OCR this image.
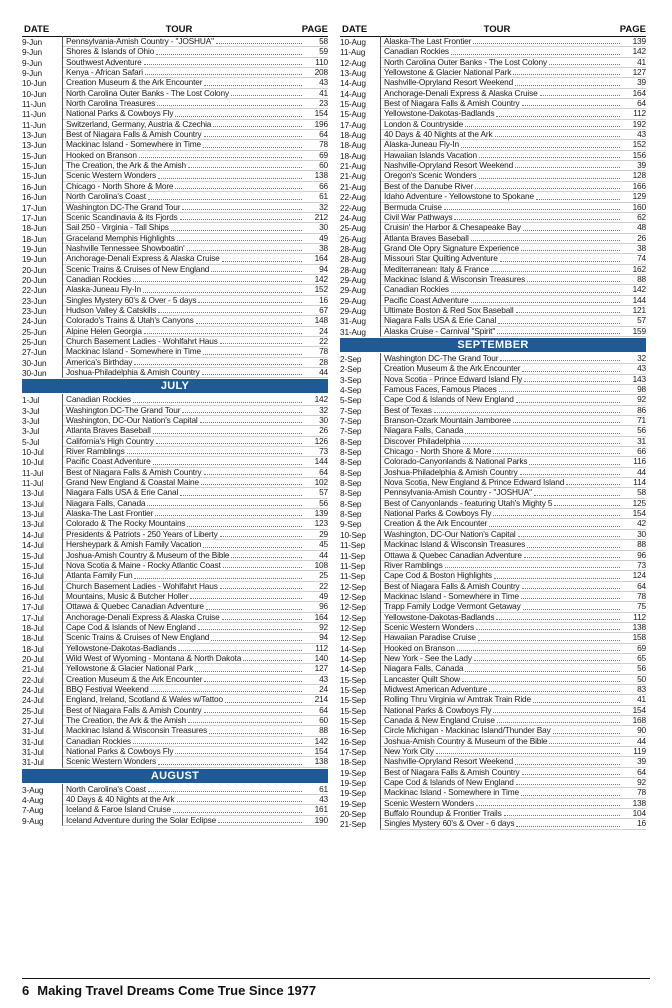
DATE	TOUR	PAGE
9-Jun	Pennsylvania-Amish Country - "JOSHUA"	58
9-Jun	Shores & Islands of Ohio	59
9-Jun	Southwest Adventure	110
9-Jun	Kenya - African Safari	208
10-Jun	Creation Museum & the Ark Encounter	43
10-Jun	North Carolina Outer Banks - The Lost Colony	41
11-Jun	North Carolina Treasures	23
11-Jun	National Parks & Cowboys Fly	154
11-Jun	Switzerland, Germany, Austria & Czechia	196
13-Jun	Best of Niagara Falls & Amish Country	64
13-Jun	Mackinac Island - Somewhere in Time	78
15-Jun	Hooked on Branson	69
15-Jun	The Creation, the Ark & the Amish	60
15-Jun	Scenic Western Wonders	138
16-Jun	Chicago - North Shore & More	66
16-Jun	North Carolina's Coast	61
17-Jun	Washington DC-The Grand Tour	32
17-Jun	Scenic Scandinavia & its Fjords	212
18-Jun	Sail 250 - Virginia - Tall Ships	30
18-Jun	Graceland Memphis Highlights	49
19-Jun	Nashville Tennessee Showboatin'	38
19-Jun	Anchorage-Denali Express & Alaska Cruise	164
20-Jun	Scenic Trains & Cruises of New England	94
20-Jun	Canadian Rockies	142
22-Jun	Alaska-Juneau Fly-In	152
23-Jun	Singles Mystery 60's & Over - 5 days	16
23-Jun	Hudson Valley & Catskills	67
24-Jun	Colorado's Trains & Utah's Canyons	148
25-Jun	Alpine Helen Georgia	24
25-Jun	Church Basement Ladies - Wohlfahrt Haus	22
27-Jun	Mackinac Island - Somewhere in Time	78
30-Jun	America's Birthday	28
30-Jun	Joshua-Philadelphia & Amish Country	44
JULY
1-Jul	Canadian Rockies	142
3-Jul	Washington DC-The Grand Tour	32
3-Jul	Washington, DC-Our Nation's Capital	30
3-Jul	Atlanta Braves Baseball	26
5-Jul	California's High Country	126
10-Jul	River Ramblings	73
10-Jul	Pacific Coast Adventure	144
11-Jul	Best of Niagara Falls & Amish Country	64
11-Jul	Grand New England & Coastal Maine	102
13-Jul	Niagara Falls USA & Erie Canal	57
13-Jul	Niagara Falls, Canada	56
13-Jul	Alaska-The Last Frontier	139
13-Jul	Colorado & The Rocky Mountains	123
14-Jul	Presidents & Patriots - 250 Years of Liberty	29
14-Jul	Hersheypark & Amish Family Vacation	45
15-Jul	Joshua-Amish Country & Museum of the Bible	44
15-Jul	Nova Scotia & Maine - Rocky Atlantic Coast	108
16-Jul	Atlanta Family Fun	25
16-Jul	Church Basement Ladies - Wohlfahrt Haus	22
16-Jul	Mountains, Music & Butcher Holler	49
17-Jul	Ottawa & Quebec Canadian Adventure	96
17-Jul	Anchorage-Denali Express & Alaska Cruise	164
18-Jul	Cape Cod & Islands of New England	92
18-Jul	Scenic Trains & Cruises of New England	94
18-Jul	Yellowstone-Dakotas-Badlands	112
20-Jul	Wild West of Wyoming - Montana & North Dakota	140
21-Jul	Yellowstone & Glacier National Park	127
22-Jul	Creation Museum & the Ark Encounter	43
24-Jul	BBQ Festival Weekend	24
24-Jul	England, Ireland, Scotland & Wales w/Tattoo	214
25-Jul	Best of Niagara Falls & Amish Country	64
27-Jul	The Creation, the Ark & the Amish	60
31-Jul	Mackinac Island & Wisconsin Treasures	88
31-Jul	Canadian Rockies	142
31-Jul	National Parks & Cowboys Fly	154
31-Jul	Scenic Western Wonders	138
AUGUST
3-Aug	North Carolina's Coast	61
4-Aug	40 Days & 40 Nights at the Ark	43
7-Aug	Iceland & Faroe Island Cruise	161
9-Aug	Iceland Adventure during the Solar Eclipse	190
DATE	TOUR	PAGE
10-Aug	Alaska-The Last Frontier	139
11-Aug	Canadian Rockies	142
12-Aug	North Carolina Outer Banks - The Lost Colony	41
13-Aug	Yellowstone & Glacier National Park	127
14-Aug	Nashville-Opryland Resort Weekend	39
14-Aug	Anchorage-Denali Express & Alaska Cruise	164
15-Aug	Best of Niagara Falls & Amish Country	64
15-Aug	Yellowstone-Dakotas-Badlands	112
17-Aug	London & Countryside	192
18-Aug	40 Days & 40 Nights at the Ark	43
18-Aug	Alaska-Juneau Fly-In	152
18-Aug	Hawaiian Islands Vacation	156
21-Aug	Nashville-Opryland Resort Weekend	39
21-Aug	Oregon's Scenic Wonders	128
21-Aug	Best of the Danube River	166
22-Aug	Idaho Adventure - Yellowstone to Spokane	129
22-Aug	Bermuda Cruise	160
24-Aug	Civil War Pathways	62
25-Aug	Cruisin' the Harbor & Chesapeake Bay	48
26-Aug	Atlanta Braves Baseball	26
28-Aug	Grand Ole Opry Signature Experience	38
28-Aug	Missouri Star Quilting Adventure	74
28-Aug	Mediterranean: Italy & France	162
29-Aug	Mackinac Island & Wisconsin Treasures	88
29-Aug	Canadian Rockies	142
29-Aug	Pacific Coast Adventure	144
29-Aug	Ultimate Boston & Red Sox Baseball	121
31-Aug	Niagara Falls USA & Erie Canal	57
31-Aug	Alaska Cruise - Carnival "Spirit"	159
SEPTEMBER
2-Sep	Washington DC-The Grand Tour	32
2-Sep	Creation Museum & the Ark Encounter	43
3-Sep	Nova Scotia - Prince Edward Island Fly	143
4-Sep	Famous Faces, Famous Places	98
5-Sep	Cape Cod & Islands of New England	92
7-Sep	Best of Texas	86
7-Sep	Branson-Ozark Mountain Jamboree	71
7-Sep	Niagara Falls, Canada	56
8-Sep	Discover Philadelphia	31
8-Sep	Chicago - North Shore & More	66
8-Sep	Colorado-Canyonlands & National Parks	116
8-Sep	Joshua-Philadelphia & Amish Country	44
8-Sep	Nova Scotia, New England & Prince Edward Island	114
8-Sep	Pennsylvania-Amish Country - "JOSHUA"	58
8-Sep	Best of Canyonlands - featuring Utah's Mighty 5	125
8-Sep	National Parks & Cowboys Fly	154
9-Sep	Creation & the Ark Encounter	42
10-Sep	Washington, DC-Our Nation's Capital	30
11-Sep	Mackinac Island & Wisconsin Treasures	88
11-Sep	Ottawa & Quebec Canadian Adventure	96
11-Sep	River Ramblings	73
11-Sep	Cape Cod & Boston Highlights	124
12-Sep	Best of Niagara Falls & Amish Country	64
12-Sep	Mackinac Island - Somewhere in Time	78
12-Sep	Trapp Family Lodge Vermont Getaway	75
12-Sep	Yellowstone-Dakotas-Badlands	112
12-Sep	Scenic Western Wonders	138
12-Sep	Hawaiian Paradise Cruise	158
14-Sep	Hooked on Branson	69
14-Sep	New York - See the Lady	65
14-Sep	Niagara Falls, Canada	56
15-Sep	Lancaster Quilt Show	50
15-Sep	Midwest American Adventure	83
15-Sep	Rolling Thru Virginia w/ Amtrak Train Ride	41
15-Sep	National Parks & Cowboys Fly	154
15-Sep	Canada & New England Cruise	168
16-Sep	Circle Michigan - Mackinac Island/Thunder Bay	90
16-Sep	Joshua-Amish Country & Museum of the Bible	44
17-Sep	New York City	119
18-Sep	Nashville-Opryland Resort Weekend	39
19-Sep	Best of Niagara Falls & Amish Country	64
19-Sep	Cape Cod & Islands of New England	92
19-Sep	Mackinac Island - Somewhere in Time	78
19-Sep	Scenic Western Wonders	138
20-Sep	Buffalo Roundup & Frontier Trails	104
21-Sep	Singles Mystery 60's & Over - 6 days	16
6 Making Travel Dreams Come True Since 1977
